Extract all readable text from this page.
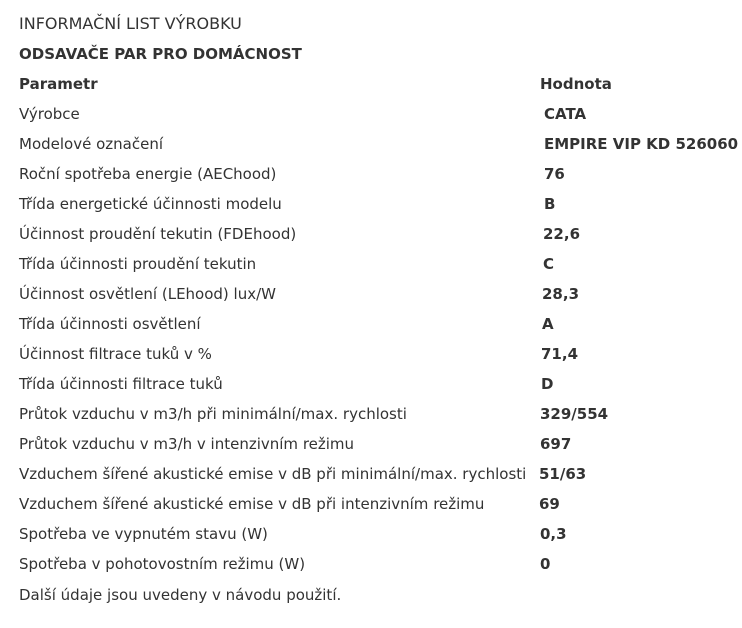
INFORMAČNÍ LIST VÝROBKU
ODSAVAČE PAR PRO DOMÁCNOST
Parametr	Hodnota
Výrobce	CATA
Modelové označení	EMPIRE VIP KD 526060
Roční spotřeba energie (AEChood)	76
Třída energetické účinnosti modelu	B
Účinnost proudění tekutin (FDEhood)	22,6
Třída účinnosti proudění tekutin	C
Účinnost osvětlení (LEhood) lux/W	28,3
Třída účinnosti osvětlení	A
Účinnost filtrace tuků v %	71,4
Třída účinnosti filtrace tuků	D
Průtok vzduchu v m3/h při minimální/max. rychlosti	329/554
Průtok vzduchu v m3/h v intenzivním režimu	697
Vzduchem šířené akustické emise v dB při minimální/max. rychlosti 51/63
Vzduchem šířené akustické emise v dB při intenzivním režimu	69
Spotřeba ve vypnutém stavu (W)	0,3
Spotřeba v pohotovostním režimu (W)	0
Další údaje jsou uvedeny v návodu použití.
